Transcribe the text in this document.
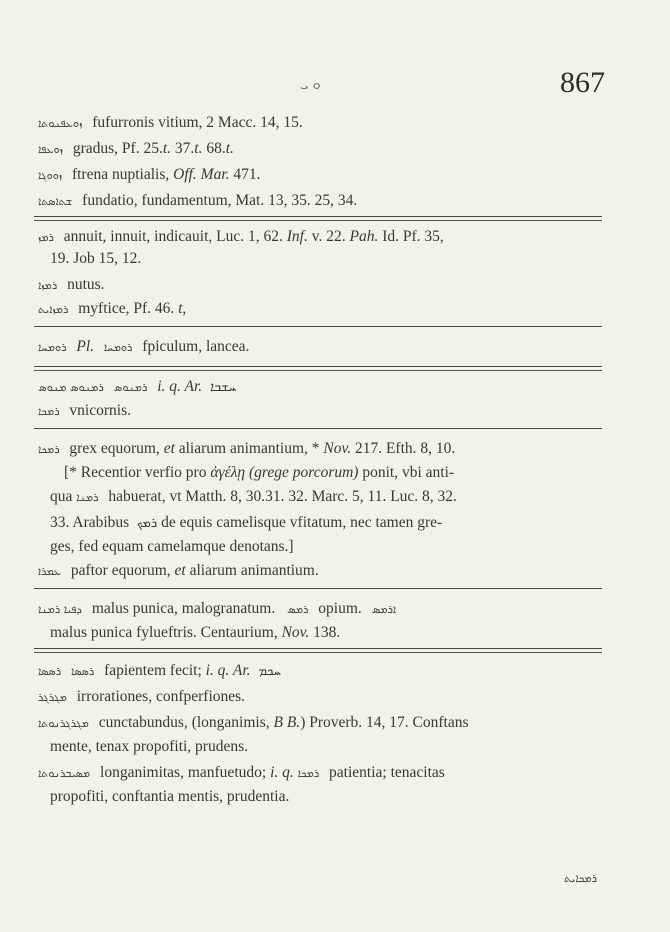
ܘ ܝ	867
ܙܘܥܦܢܘܬܐ fufurronis vitium, 2 Macc. 14, 15.
ܙܘܥܦܐ gradus, Pf. 25.t. 37.t. 68.t.
ܙܘܘܓܐ ftrena nuptialis, Off. Mar. 471.
ܫܬܐܣܬܐ fundatio, fundamentum, Mat. 13, 35. 25, 34.
ܪܡܙ annuit, innuit, indicauit, Luc. 1, 62. Inf. v. 22. Pah. Id. Pf. 35,
19. Job 15, 12.
ܪܡܙܐ nutus.
ܪܡܙܐܝܬ myftice, Pf. 46. t,
ܪܘܡܚܐ Pl. ܪܘܡܚܐ fpiculum, lancea.
ܪܡܢܘܣ ܡܢܘܣ ܪܡܢܘܣ i. q. Ar. ܚܫܒܐ
ܪܡܟܐ vnicornis.
ܪܡܟܐ grex equorum, et aliarum animantium, * Nov. 217. Efth. 8, 10.
[* Recentior verfio pro ἀγέλῃ (grege porcorum) ponit, vbi anti-
qua ܪܡܢܐ habuerat, vt Matth. 8, 30.31. 32. Marc. 5, 11. Luc. 8, 32.
33. Arabibus ܪܡܟ de equis camelisque vfitatum, nec tamen gre-
ges, fed equam camelamque denotans.]
ܥܡܪܐ paftor equorum, et aliarum animantium.
ܕܦܝܐ ܪܡܢܐ malus punica, malogranatum. ܪܡܣ opium. ܐܪܡܣ
malus punica fylueftris. Centaurium, Nov. 138.
ܪܣܣܐ ܪܣܣܐ fapientem fecit; i. q. Ar. ܚܟܡ
ܡܓܪܓܪ irrorationes, confperfiones.
ܡܓܪܓܪܢܘܬܐ cunctabundus, (longanimis, B B.) Proverb. 14, 17. Conftans
mente, tenax propofiti, prudens.
ܡܣܝܒܪܢܘܬܐ longanimitas, manfuetudo; i. q. ܪܡܟܐ patientia; tenacitas
propofiti, conftantia mentis, prudentia.
ܪܡܟܐܝܬ
